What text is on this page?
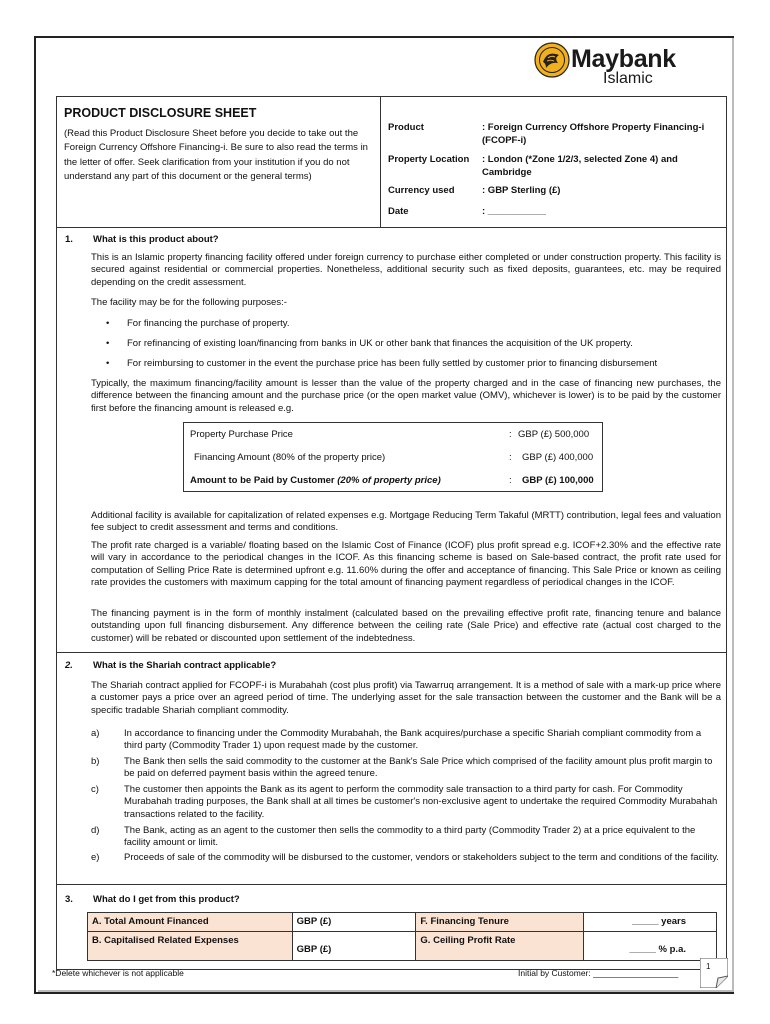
Maybank
Islamic
PRODUCT DISCLOSURE SHEET
(Read this Product Disclosure Sheet before you decide to take out the Foreign Currency Offshore Financing-i. Be sure to also read the terms in the letter of offer. Seek clarification from your institution if you do not understand any part of this document or the general terms)
Product	: Foreign Currency Offshore Property Financing-i (FCOPF-i)
Property Location	: London (*Zone 1/2/3, selected Zone 4) and Cambridge
Currency used	: GBP Sterling (£)
Date	: ___________
1. What is this product about?
This is an Islamic property financing facility offered under foreign currency to purchase either completed or under construction property. This facility is secured against residential or commercial properties. Nonetheless, additional security such as fixed deposits, guarantees, etc. may be required depending on the credit assessment.
The facility may be for the following purposes:-
• For financing the purchase of property.
• For refinancing of existing loan/financing from banks in UK or other bank that finances the acquisition of the UK property.
• For reimbursing to customer in the event the purchase price has been fully settled by customer prior to financing disbursement
Typically, the maximum financing/facility amount is lesser than the value of the property charged and in the case of financing new purchases, the difference between the financing amount and the purchase price (or the open market value (OMV), whichever is lower) is to be paid by the customer first before the financing amount is released e.g.
Property Purchase Price	: GBP (£) 500,000
Financing Amount (80% of the property price)	: GBP (£) 400,000
Amount to be Paid by Customer (20% of property price)	: GBP (£) 100,000
Additional facility is available for capitalization of related expenses e.g. Mortgage Reducing Term Takaful (MRTT) contribution, legal fees and valuation fee subject to credit assessment and terms and conditions.
The profit rate charged is a variable/ floating based on the Islamic Cost of Finance (ICOF) plus profit spread e.g. ICOF+2.30% and the effective rate will vary in accordance to the periodical changes in the ICOF. As this financing scheme is based on Sale-based contract, the profit rate used for computation of Selling Price Rate is determined upfront e.g. 11.60% during the offer and acceptance of financing. This Sale Price or known as ceiling rate provides the customers with maximum capping for the total amount of financing payment regardless of periodical changes in the ICOF.
The financing payment is in the form of monthly instalment (calculated based on the prevailing effective profit rate, financing tenure and balance outstanding upon full financing disbursement. Any difference between the ceiling rate (Sale Price) and effective rate (actual cost charged to the customer) will be rebated or discounted upon settlement of the indebtedness.
2. What is the Shariah contract applicable?
The Shariah contract applied for FCOPF-i is Murabahah (cost plus profit) via Tawarruq arrangement. It is a method of sale with a mark-up price where a customer pays a price over an agreed period of time. The underlying asset for the sale transaction between the customer and the Bank will be a specific tradable Shariah compliant commodity.
a)	In accordance to financing under the Commodity Murabahah, the Bank acquires/purchase a specific Shariah compliant commodity from a third party (Commodity Trader 1) upon request made by the customer.
b)	The Bank then sells the said commodity to the customer at the Bank's Sale Price which comprised of the facility amount plus profit margin to be paid on deferred payment basis within the agreed tenure.
c)	The customer then appoints the Bank as its agent to perform the commodity sale transaction to a third party for cash. For Commodity Murabahah trading purposes, the Bank shall at all times be customer's non-exclusive agent to undertake the required Commodity Murabahah transactions related to the facility.
d)	The Bank, acting as an agent to the customer then sells the commodity to a third party (Commodity Trader 2) at a price equivalent to the facility amount or limit.
e)	Proceeds of sale of the commodity will be disbursed to the customer, vendors or stakeholders subject to the term and conditions of the facility.
3. What do I get from this product?
A. Total Amount Financed	GBP (£)	F. Financing Tenure	_____ years
B. Capitalised Related Expenses	GBP (£)	G. Ceiling Profit Rate	_____ % p.a.
*Delete whichever is not applicable	Initial by Customer: __________________
1
